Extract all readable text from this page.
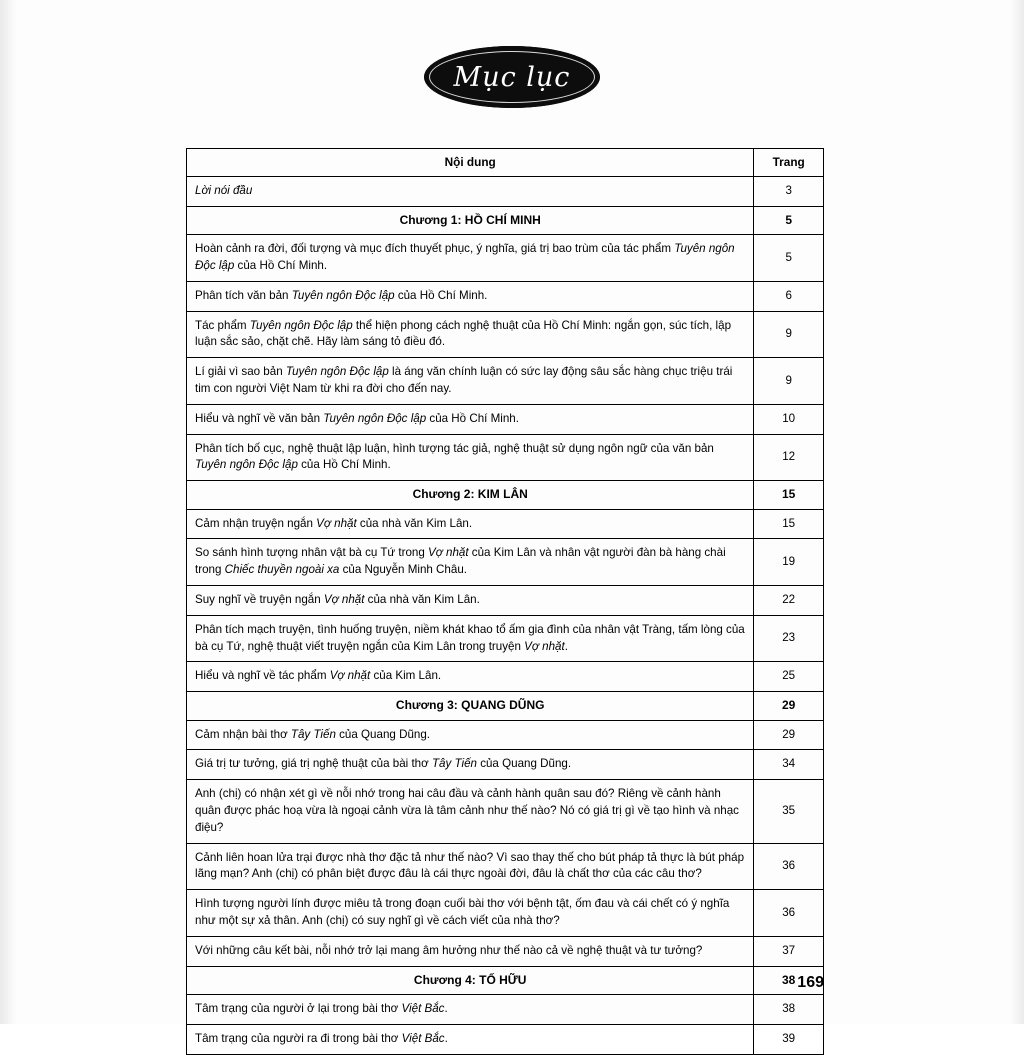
Mục lục
Nội dung	Trang
Lời nói đầu	3
Chương 1: HỒ CHÍ MINH	5
Hoàn cảnh ra đời, đối tượng và mục đích thuyết phục, ý nghĩa, giá trị bao trùm của tác phẩm Tuyên ngôn Độc lập của Hồ Chí Minh.	5
Phân tích văn bản Tuyên ngôn Độc lập của Hồ Chí Minh.	6
Tác phẩm Tuyên ngôn Độc lập thể hiện phong cách nghệ thuật của Hồ Chí Minh: ngắn gọn, súc tích, lập luận sắc sảo, chặt chẽ. Hãy làm sáng tỏ điều đó.	9
Lí giải vì sao bản Tuyên ngôn Độc lập là áng văn chính luận có sức lay động sâu sắc hàng chục triệu trái tim con người Việt Nam từ khi ra đời cho đến nay.	9
Hiểu và nghĩ về văn bản Tuyên ngôn Độc lập của Hồ Chí Minh.	10
Phân tích bố cục, nghệ thuật lập luận, hình tượng tác giả, nghệ thuật sử dụng ngôn ngữ của văn bản Tuyên ngôn Độc lập của Hồ Chí Minh.	12
Chương 2: KIM LÂN	15
Cảm nhận truyện ngắn Vợ nhặt của nhà văn Kim Lân.	15
So sánh hình tượng nhân vật bà cụ Tứ trong Vợ nhặt của Kim Lân và nhân vật người đàn bà hàng chài trong Chiếc thuyền ngoài xa của Nguyễn Minh Châu.	19
Suy nghĩ về truyện ngắn Vợ nhặt của nhà văn Kim Lân.	22
Phân tích mạch truyện, tình huống truyện, niềm khát khao tổ ấm gia đình của nhân vật Tràng, tấm lòng của bà cụ Tứ, nghệ thuật viết truyện ngắn của Kim Lân trong truyện Vợ nhặt.	23
Hiểu và nghĩ về tác phẩm Vợ nhặt của Kim Lân.	25
Chương 3: QUANG DŨNG	29
Cảm nhận bài thơ Tây Tiến của Quang Dũng.	29
Giá trị tư tưởng, giá trị nghệ thuật của bài thơ Tây Tiến của Quang Dũng.	34
Anh (chị) có nhận xét gì về nỗi nhớ trong hai câu đầu và cảnh hành quân sau đó? Riêng về cảnh hành quân được phác hoạ vừa là ngoại cảnh vừa là tâm cảnh như thế nào? Nó có giá trị gì về tạo hình và nhạc điệu?	35
Cảnh liên hoan lửa trại được nhà thơ đặc tả như thế nào? Vì sao thay thế cho bút pháp tả thực là bút pháp lãng mạn? Anh (chị) có phân biệt được đâu là cái thực ngoài đời, đâu là chất thơ của các câu thơ?	36
Hình tượng người lính được miêu tả trong đoạn cuối bài thơ với bệnh tật, ốm đau và cái chết có ý nghĩa như một sự xả thân. Anh (chị) có suy nghĩ gì về cách viết của nhà thơ?	36
Với những câu kết bài, nỗi nhớ trở lại mang âm hưởng như thế nào cả về nghệ thuật và tư tưởng?	37
Chương 4: TỐ HỮU	38
Tâm trạng của người ở lại trong bài thơ Việt Bắc.	38
Tâm trạng của người ra đi trong bài thơ Việt Bắc.	39
169
